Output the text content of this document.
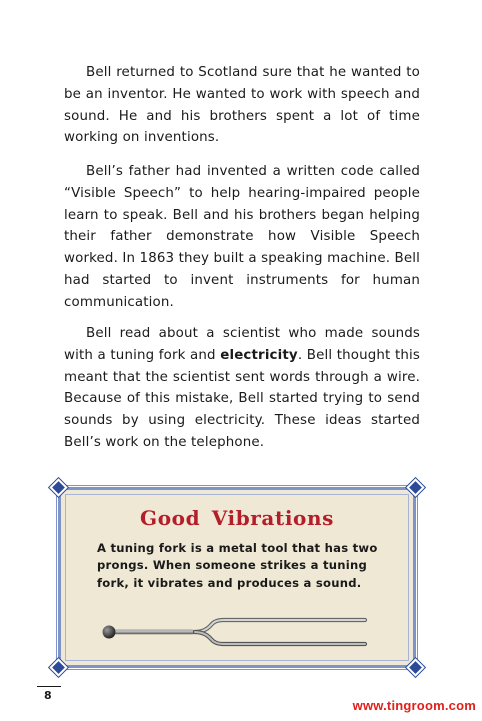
Bell returned to Scotland sure that he wanted to be an inventor. He wanted to work with speech and sound. He and his brothers spent a lot of time working on inventions.

Bell’s father had invented a written code called “Visible Speech” to help hearing-impaired people learn to speak. Bell and his brothers began helping their father demonstrate how Visible Speech worked. In 1863 they built a speaking machine. Bell had started to invent instruments for human communication.

Bell read about a scientist who made sounds with a tuning fork and electricity. Bell thought this meant that the scientist sent words through a wire. Because of this mistake, Bell started trying to send sounds by using electricity. These ideas started Bell’s work on the telephone.

Good Vibrations

A tuning fork is a metal tool that has two prongs. When someone strikes a tuning fork, it vibrates and produces a sound.

8
www.tingroom.com
